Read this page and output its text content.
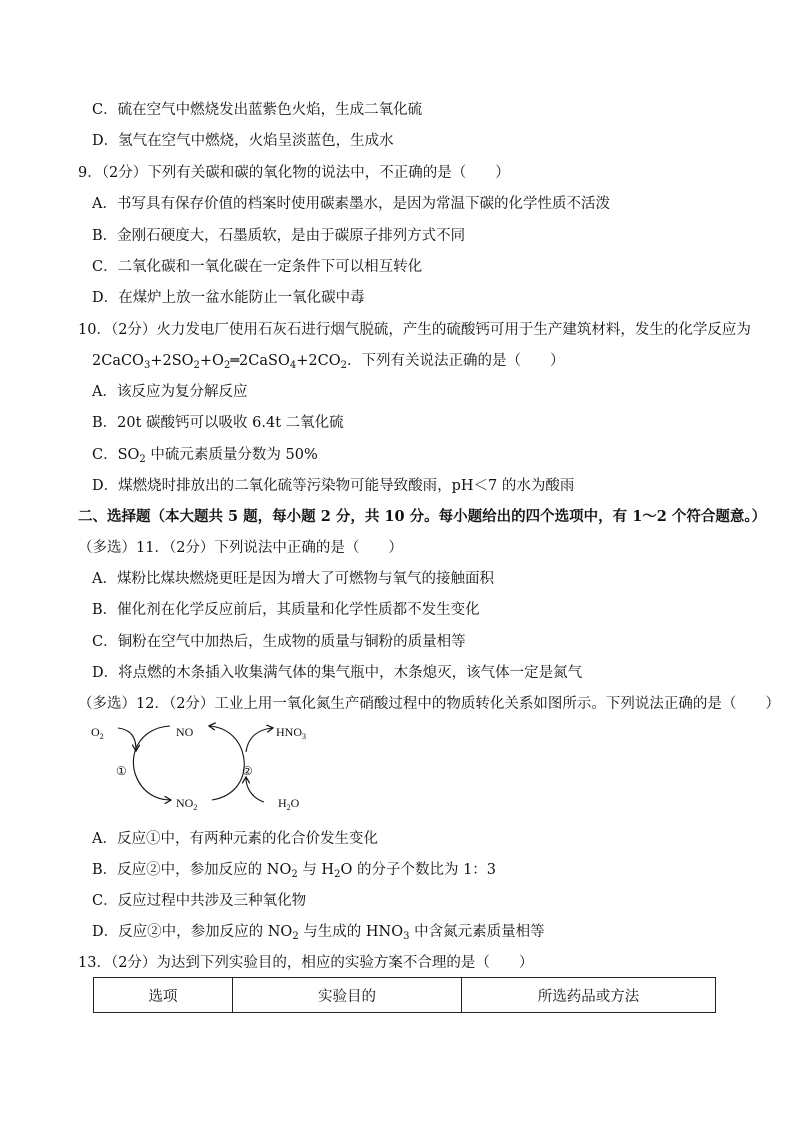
C．硫在空气中燃烧发出蓝紫色火焰，生成二氧化硫
D．氢气在空气中燃烧，火焰呈淡蓝色，生成水
9．（2分）下列有关碳和碳的氧化物的说法中，不正确的是（　　）
A．书写具有保存价值的档案时使用碳素墨水，是因为常温下碳的化学性质不活泼
B．金刚石硬度大，石墨质软，是由于碳原子排列方式不同
C．二氧化碳和一氧化碳在一定条件下可以相互转化
D．在煤炉上放一盆水能防止一氧化碳中毒
10．（2分）火力发电厂使用石灰石进行烟气脱硫，产生的硫酸钙可用于生产建筑材料，发生的化学反应为
$2CaCO_3+2SO_2+O_2═2CaSO_4+2CO_2$．下列有关说法正确的是（　　）
A．该反应为复分解反应
B．20t 碳酸钙可以吸收 6.4t 二氧化硫
C．$SO_2$ 中硫元素质量分数为 50%
D．煤燃烧时排放出的二氧化硫等污染物可能导致酸雨，pH＜7 的水为酸雨
二、选择题（本大题共 5 题，每小题 2 分，共 10 分。每小题给出的四个选项中，有 1～2 个符合题意。）
（多选）11．（2分）下列说法中正确的是（　　）
A．煤粉比煤块燃烧更旺是因为增大了可燃物与氧气的接触面积
B．催化剂在化学反应前后，其质量和化学性质都不发生变化
C．铜粉在空气中加热后，生成物的质量与铜粉的质量相等
D．将点燃的木条插入收集满气体的集气瓶中，木条熄灭，该气体一定是氮气
（多选）12．（2分）工业上用一氧化氮生产硝酸过程中的物质转化关系如图所示。下列说法正确的是（　　）
$O_2$	NO	$HNO_3$
①	②
$NO_2$	$H_2O$
A．反应①中，有两种元素的化合价发生变化
B．反应②中，参加反应的 $NO_2$ 与 $H_2O$ 的分子个数比为 1：3
C．反应过程中共涉及三种氧化物
D．反应②中，参加反应的 $NO_2$ 与生成的 $HNO_3$ 中含氮元素质量相等
13．（2分）为达到下列实验目的，相应的实验方案不合理的是（　　）
选项	实验目的	所选药品或方法
